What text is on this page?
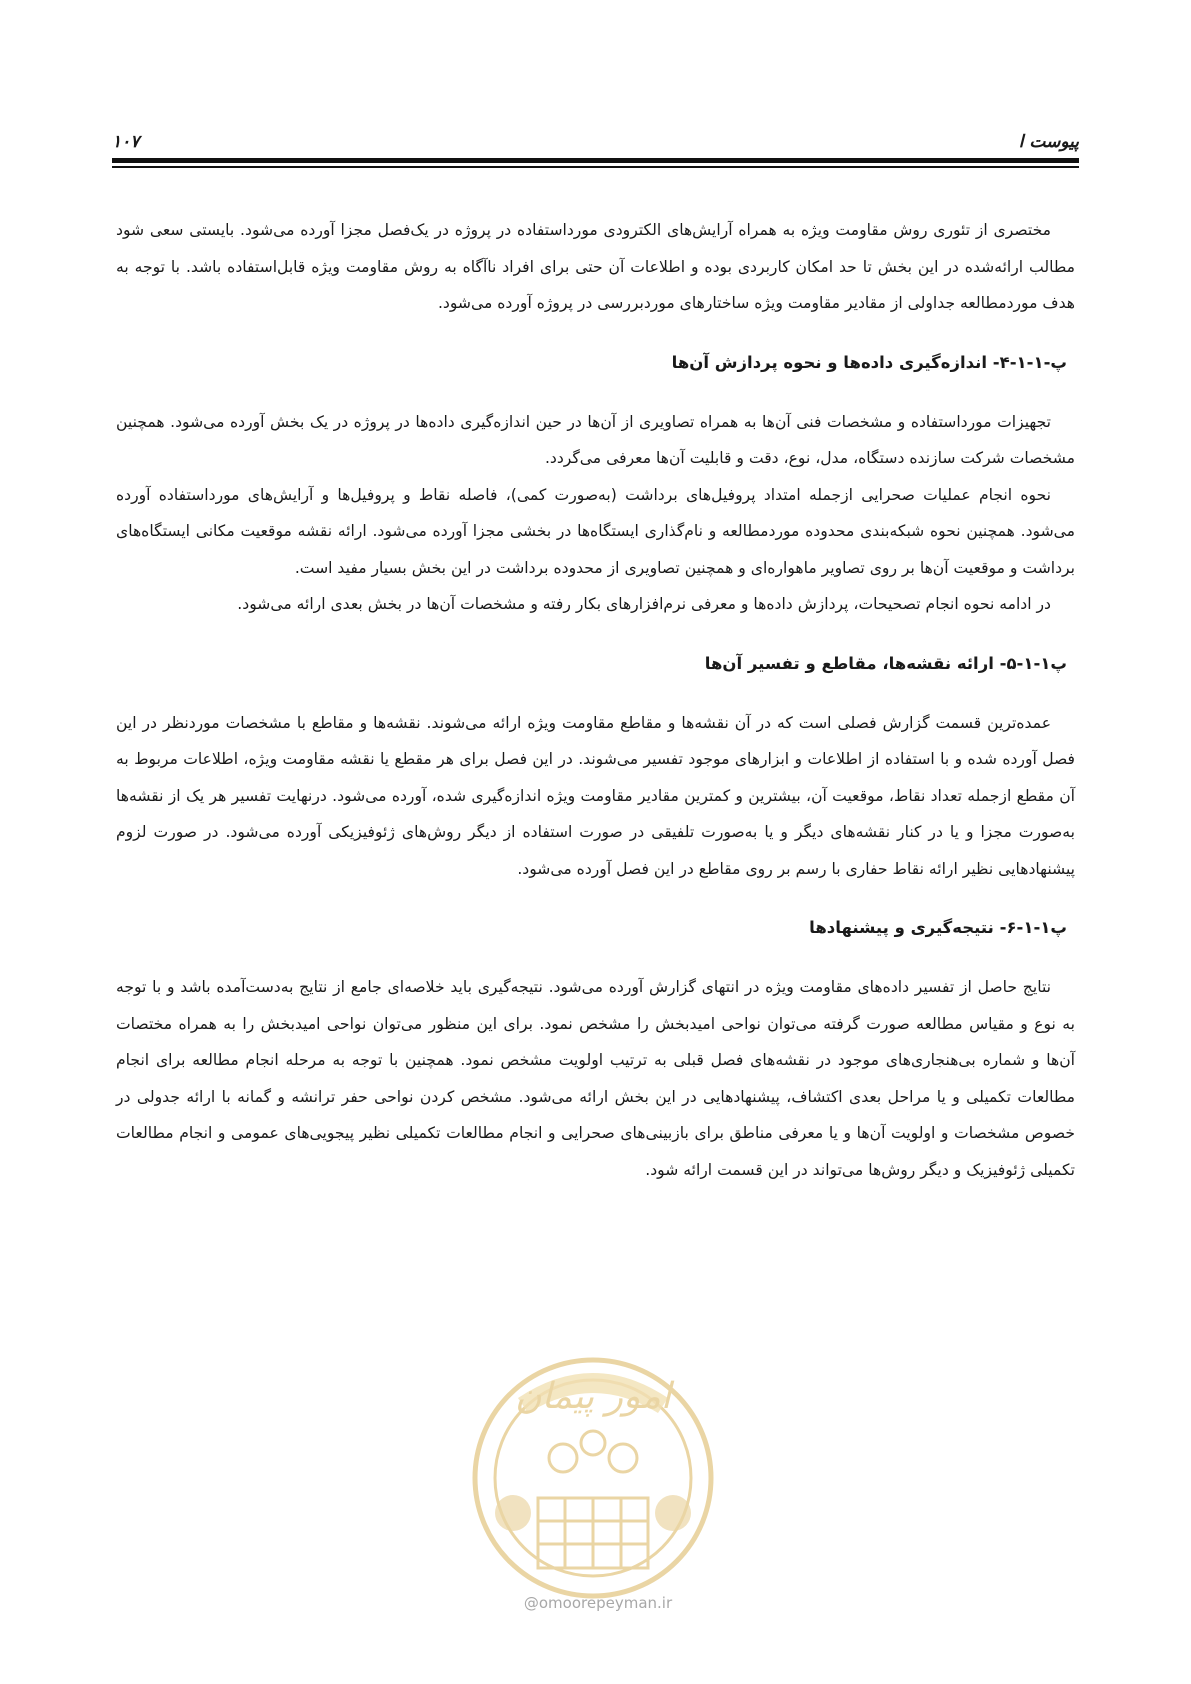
پیوست ا
۱۰۷

مختصری از تئوری روش مقاومت ویژه به همراه آرایش‌های الکترودی مورداستفاده در پروژه در یک‌فصل مجزا آورده می‌شود. بایستی سعی شود مطالب ارائه‌شده در این بخش تا حد امکان کاربردی بوده و اطلاعات آن حتی برای افراد ناآگاه به روش مقاومت ویژه قابل‌استفاده باشد. با توجه به هدف موردمطالعه جداولی از مقادیر مقاومت ویژه ساختارهای موردبررسی در پروژه آورده می‌شود.

پ-۱-۱-۴- اندازه‌گیری داده‌ها و نحوه پردازش آن‌ها

تجهیزات مورداستفاده و مشخصات فنی آن‌ها به همراه تصاویری از آن‌ها در حین اندازه‌گیری داده‌ها در پروژه در یک بخش آورده می‌شود. همچنین مشخصات شرکت سازنده دستگاه، مدل، نوع، دقت و قابلیت آن‌ها معرفی می‌گردد.

نحوه انجام عملیات صحرایی ازجمله امتداد پروفیل‌های برداشت (به‌صورت کمی)، فاصله نقاط و پروفیل‌ها و آرایش‌های مورداستفاده آورده می‌شود. همچنین نحوه شبکه‌بندی محدوده موردمطالعه و نام‌گذاری ایستگاه‌ها در بخشی مجزا آورده می‌شود. ارائه نقشه موقعیت مکانی ایستگاه‌های برداشت و موقعیت آن‌ها بر روی تصاویر ماهواره‌ای و همچنین تصاویری از محدوده برداشت در این بخش بسیار مفید است.

در ادامه نحوه انجام تصحیحات، پردازش داده‌ها و معرفی نرم‌افزارهای بکار رفته و مشخصات آن‌ها در بخش بعدی ارائه می‌شود.

پ۱-۱-۵- ارائه نقشه‌ها، مقاطع و تفسیر آن‌ها

عمده‌ترین قسمت گزارش فصلی است که در آن نقشه‌ها و مقاطع مقاومت ویژه ارائه می‌شوند. نقشه‌ها و مقاطع با مشخصات موردنظر در این فصل آورده شده و با استفاده از اطلاعات و ابزارهای موجود تفسیر می‌شوند. در این فصل برای هر مقطع یا نقشه مقاومت ویژه، اطلاعات مربوط به آن مقطع ازجمله تعداد نقاط، موقعیت آن، بیشترین و کمترین مقادیر مقاومت ویژه اندازه‌گیری شده، آورده می‌شود. درنهایت تفسیر هر یک از نقشه‌ها به‌صورت مجزا و یا در کنار نقشه‌های دیگر و یا به‌صورت تلفیقی در صورت استفاده از دیگر روش‌های ژئوفیزیکی آورده می‌شود. در صورت لزوم پیشنهادهایی نظیر ارائه نقاط حفاری با رسم بر روی مقاطع در این فصل آورده می‌شود.

پ۱-۱-۶- نتیجه‌گیری و پیشنهادها

نتایج حاصل از تفسیر داده‌های مقاومت ویژه در انتهای گزارش آورده می‌شود. نتیجه‌گیری باید خلاصه‌ای جامع از نتایج به‌دست‌آمده باشد و با توجه به نوع و مقیاس مطالعه صورت گرفته می‌توان نواحی امیدبخش را مشخص نمود. برای این منظور می‌توان نواحی امیدبخش را به همراه مختصات آن‌ها و شماره بی‌هنجاری‌های موجود در نقشه‌های فصل قبلی به ترتیب اولویت مشخص نمود. همچنین با توجه به مرحله انجام مطالعه برای انجام مطالعات تکمیلی و یا مراحل بعدی اکتشاف، پیشنهادهایی در این بخش ارائه می‌شود. مشخص کردن نواحی حفر ترانشه و گمانه با ارائه جدولی در خصوص مشخصات و اولویت آن‌ها و یا معرفی مناطق برای بازبینی‌های صحرایی و انجام مطالعات تکمیلی نظیر پیجویی‌های عمومی و انجام مطالعات تکمیلی ژئوفیزیک و دیگر روش‌ها می‌تواند در این قسمت ارائه شود.

امور پیمان
@omoorepeyman.ir
